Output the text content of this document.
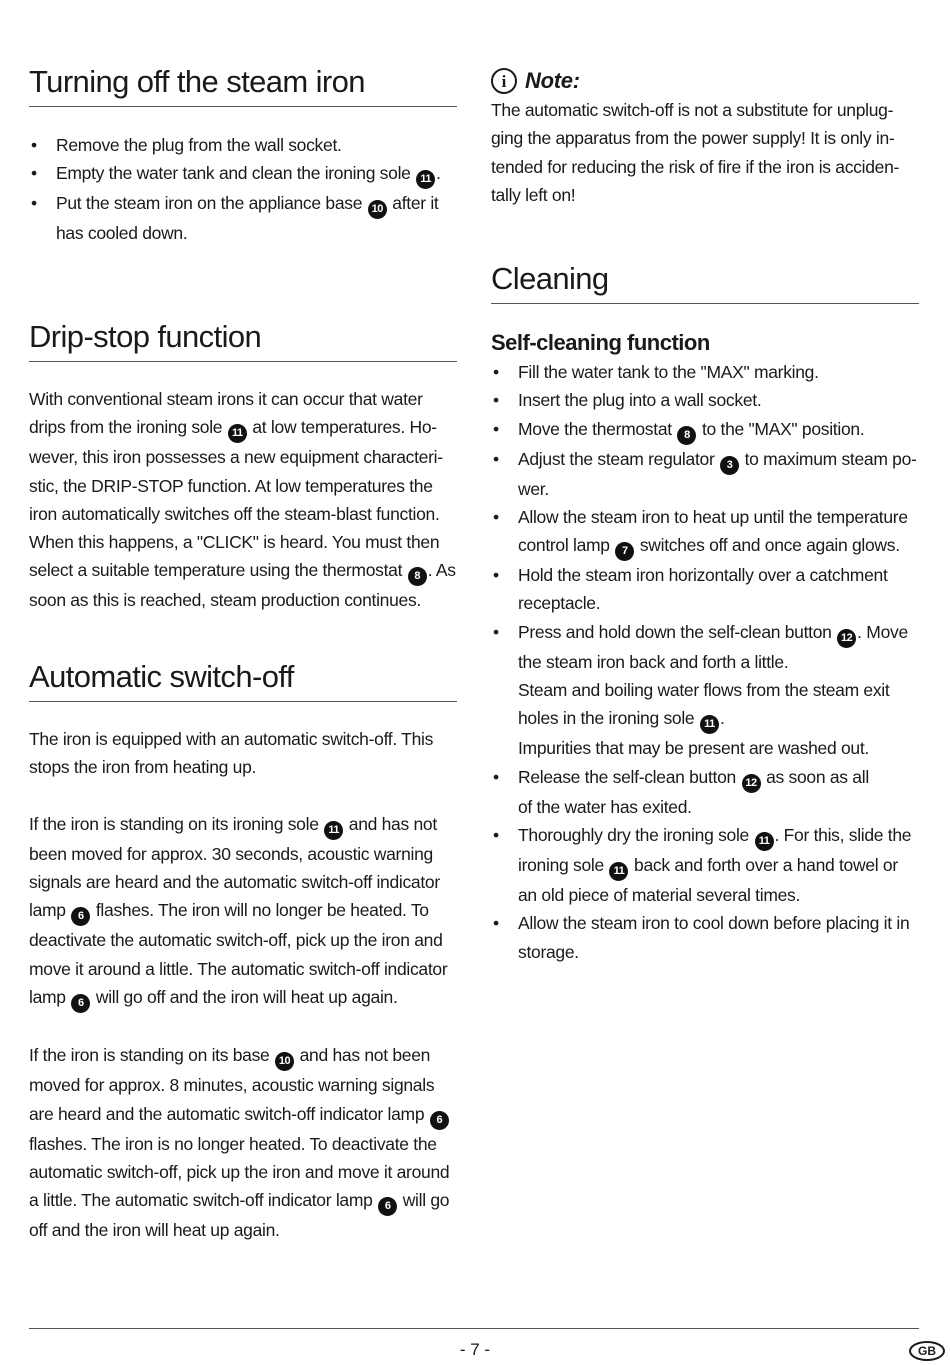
Turning off the steam iron
• Remove the plug from the wall socket.
• Empty the water tank and clean the ironing sole 11 .
• Put the steam iron on the appliance base 10 after it has cooled down.
Drip-stop function

With conventional steam irons it can occur that water drips from the ironing sole 11 at low temperatures. However, this iron possesses a new equipment characteristic, the DRIP-STOP function. At low temperatures the iron automatically switches off the steam-blast function. When this happens, a "CLICK" is heard. You must then select a suitable temperature using the thermostat 8 . As soon as this is reached, steam production continues.

Automatic switch-off

The iron is equipped with an automatic switch-off. This stops the iron from heating up.

If the iron is standing on its ironing sole 11 and has not been moved for approx. 30 seconds, acoustic warning signals are heard and the automatic switch-off indicator lamp 6 flashes. The iron will no longer be heated. To deactivate the automatic switch-off, pick up the iron and move it around a little. The automatic switch-off indicator lamp 6 will go off and the iron will heat up again.

If the iron is standing on its base 10 and has not been moved for approx. 8 minutes, acoustic warning signals are heard and the automatic switch-off indicator lamp 6 flashes. The iron is no longer heated. To deactivate the automatic switch-off, pick up the iron and move it around a little. The automatic switch-off indicator lamp 6 will go off and the iron will heat up again.

i Note:

The automatic switch-off is not a substitute for unplugging the apparatus from the power supply! It is only intended for reducing the risk of fire if the iron is accidentally left on!

Cleaning
Self-cleaning function
• Fill the water tank to the "MAX" marking.
• Insert the plug into a wall socket.
• Move the thermostat 8 to the "MAX" position.
• Adjust the steam regulator 3 to maximum steam power.
• Allow the steam iron to heat up until the temperature control lamp 7 switches off and once again glows.
• Hold the steam iron horizontally over a catchment receptacle.
• Press and hold down the self-clean button 12 . Move the steam iron back and forth a little.
Steam and boiling water flows from the steam exit holes in the ironing sole 11 .
Impurities that may be present are washed out.
• Release the self-clean button 12 as soon as all
of the water has exited.
• Thoroughly dry the ironing sole 11 . For this, slide the ironing sole 11 back and forth over a hand towel or an old piece of material several times.
• Allow the steam iron to cool down before placing it in storage.
- 7 -	GB
